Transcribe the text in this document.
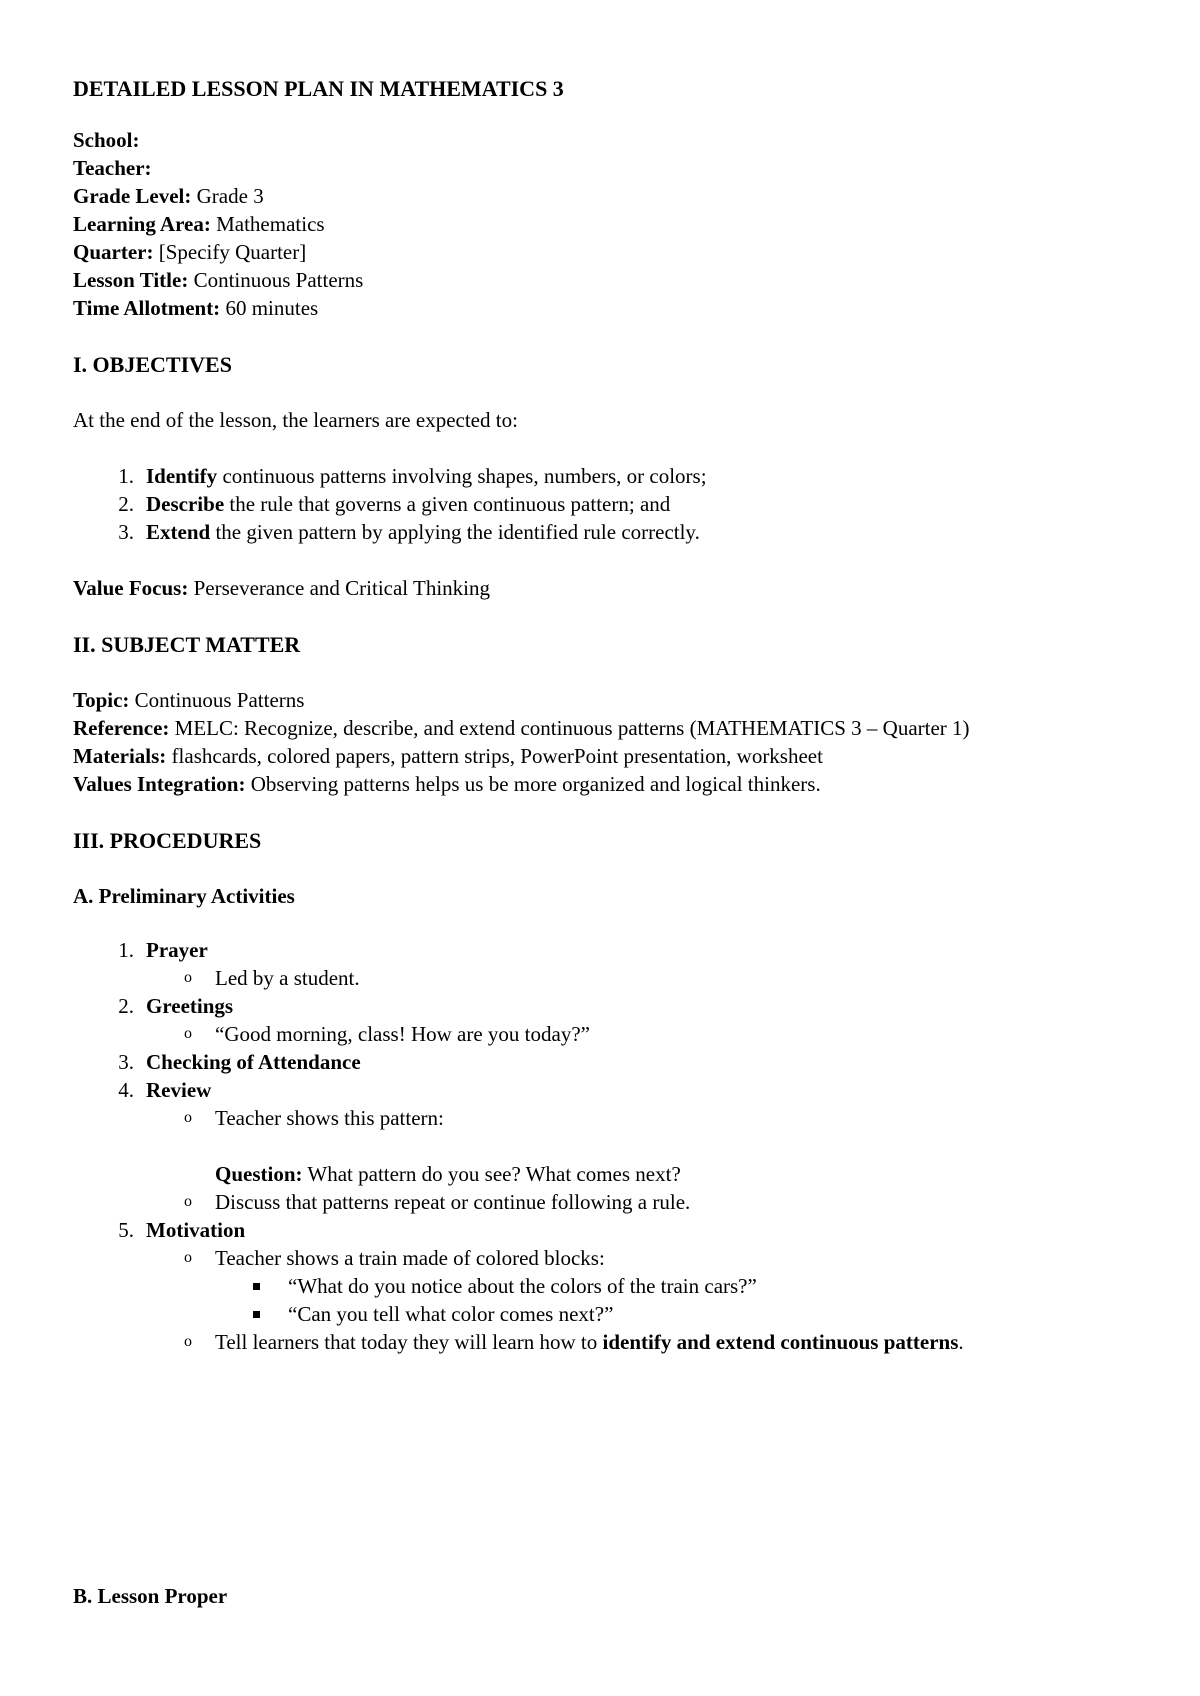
DETAILED LESSON PLAN IN MATHEMATICS 3

School:

Teacher:

Grade Level: Grade 3

Learning Area: Mathematics

Quarter: [Specify Quarter]

Lesson Title: Continuous Patterns

Time Allotment: 60 minutes

I. OBJECTIVES

At the end of the lesson, the learners are expected to:

1. Identify continuous patterns involving shapes, numbers, or colors;
2. Describe the rule that governs a given continuous pattern; and
3. Extend the given pattern by applying the identified rule correctly.

Value Focus: Perseverance and Critical Thinking

II. SUBJECT MATTER

Topic: Continuous Patterns

Reference: MELC: Recognize, describe, and extend continuous patterns (MATHEMATICS 3 – Quarter 1)

Materials: flashcards, colored papers, pattern strips, PowerPoint presentation, worksheet

Values Integration: Observing patterns helps us be more organized and logical thinkers.

III. PROCEDURES
A. Preliminary Activities
1. Prayer
o Led by a student.
2. Greetings
o “Good morning, class! How are you today?”
3. Checking of Attendance
4. Review
o Teacher shows this pattern:
Question: What pattern do you see? What comes next?
o Discuss that patterns repeat or continue following a rule.
5. Motivation
o Teacher shows a train made of colored blocks:
“What do you notice about the colors of the train cars?”
“Can you tell what color comes next?”
o Tell learners that today they will learn how to identify and extend continuous patterns.
B. Lesson Proper
